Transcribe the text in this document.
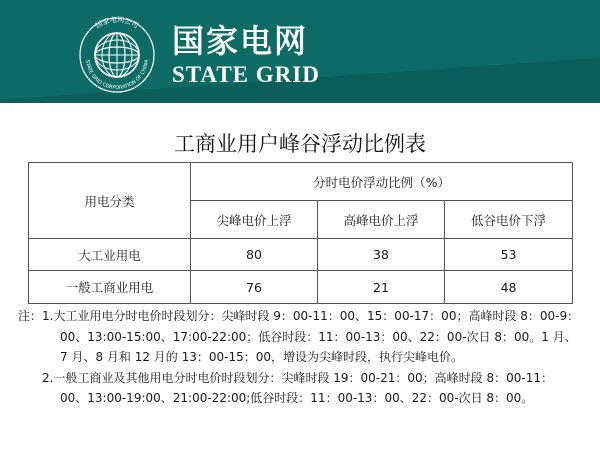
国家电网公司
STATE GRID CORPORATION OF CHINA
国家电网
STATE GRID
工商业用户峰谷浮动比例表
用电分类	分时电价浮动比例（%）		
	尖峰电价上浮	高峰电价上浮	低谷电价下浮
大工业用电	80	38	53
一般工商业用电	76	21	48
注： 1.大工业用电分时电价时段划分：尖峰时段 9：00-11：00、15：00-17：00；高峰时段 8：00-9：00、13:00-15:00、17:00-22:00；低谷时段：11：00-13：00、22：00-次日 8：00。1 月、7 月、8 月和 12 月的 13：00-15：00，增设为尖峰时段，执行尖峰电价。
2.一般工商业及其他用电分时电价时段划分：尖峰时段 19：00-21：00；高峰时段 8：00-11：00、13:00-19:00、21:00-22:00;低谷时段：11：00-13：00、22：00-次日 8：00。
